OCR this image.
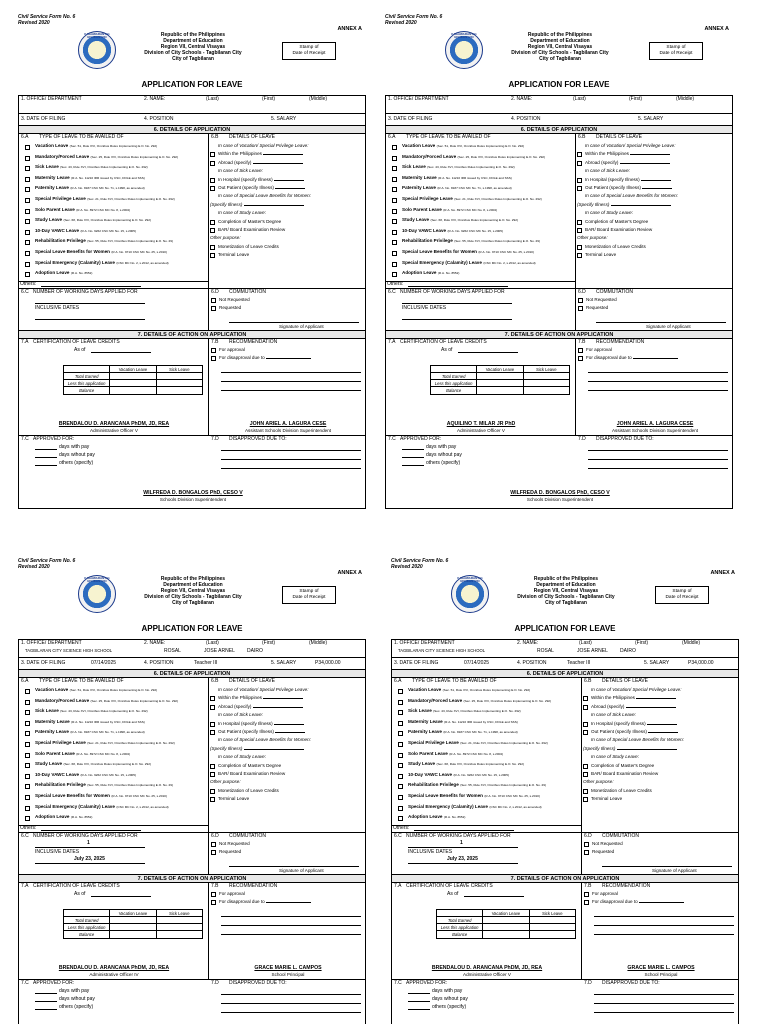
Civil Service Form No. 6
Revised 2020
ANNEX A
KAGAWARAN NG EDUKASYON	Republic of the Philippines
Department of Education
Region VII, Central Visayas
Division of City Schools - Tagbilaran City
City of Tagbilaran
Stamp of
Date of Receipt
APPLICATION FOR LEAVE
1. OFFICE/ DEPARTMENT	2. NAME:	(Last)	(First)	(Middle)
3. DATE OF FILING	4. POSITION	5. SALARY
6. DETAILS OF APPLICATION
6.A TYPE OF LEAVE TO BE AVAILED OF
Vacation Leave (Sec. 51, Rule XVI, Omnibus Rules Implementing E.O. No. 292)
Mandatory/Forced Leave (Sec. 25, Rule XVI, Omnibus Rules Implementing E.O. No. 292)
Sick Leave (Sec. 43, Rule XVI, Omnibus Rules Implementing E.O. No. 292)
Maternity Leave (R.A. No. 11210 IRR issued by CSC, DOLE and SSS)
Paternity Leave (R.A. No. 8187 CSC MC No. 71, s.1998, as amended)
Special Privilege Leave (Sec. 21, Rule XVI, Omnibus Rules Implementing E.O. No. 292)
Solo Parent Leave (R.A. No. 8972 CSC MC No. 8, s.2004)
Study Leave (Sec. 68, Rule XVI, Omnibus Rules Implementing E.O. No. 292)
10-Day VAWC Leave (R.A. No. 9262 CSC MC No. 15, s.2005)
Rehabilitation Privilege (Sec. 55, Rule XVI, Omnibus Rules Implementing E.O. No. 29)
Special Leave Benefits for Women (R.A. No. 9710 CSC MC No. 25, s.2010)
Special Emergency (Calamity) Leave (CSC MC No. 2, s.2012, as amended)
Adoption Leave (R.A. No. 8552)
Others:
6.B DETAILS OF LEAVE
In case of Vacation/ Special Privilege Leave:
Within the Philippines
Abroad (specify)
In case of Sick Leave:
In Hospital (specify Illness)
Out Patient (specify Illness)
In case of Special Leave Benefits for Women:
(Specify Illness)
In case of Study Leave:
Completion of Master's Degree
BAR/ Board Examination Review
Other purpose:
Monetization of Leave Credits
Terminal Leave
6.C NUMBER OF WORKING DAYS APPLIED FOR
INCLUSIVE DATES
6.D COMMUTATION
Not Requested
Requested
Signature of Applicant
7. DETAILS OF ACTION ON APPLICATION
7.A CERTIFICATION OF LEAVE CREDITS
As of
Vacation Leave	Sick Leave
Total Earned
Less this application
Balance
BRENDALOU D. ARANCANA PhDM, JD, REA
Administrative Officer V
7.B RECOMMENDATION
For approval
For disapproval due to
JOHN ARIEL A. LAGURA CESE
Assistant Schools Division Superintendent
7.C APPROVED FOR:
days with pay
days wihout pay
others (specify)
7.D DISAPPROVED DUE TO:
WILFREDA D. BONGALOS PhD, CESO V
Schools Division Superintendent
Civil Service Form No. 6
Revised 2020
ANNEX A
KAGAWARAN NG EDUKASYON	Republic of the Philippines
Department of Education
Region VII, Central Visayas
Division of City Schools - Tagbilaran City
City of Tagbilaran
Stamp of
Date of Receipt
APPLICATION FOR LEAVE
1. OFFICE/ DEPARTMENT	2. NAME:	(Last)	(First)	(Middle)
3. DATE OF FILING	4. POSITION	5. SALARY
6. DETAILS OF APPLICATION
6.A TYPE OF LEAVE TO BE AVAILED OF
Vacation Leave (Sec. 51, Rule XVI, Omnibus Rules Implementing E.O. No. 292)
Mandatory/Forced Leave (Sec. 25, Rule XVI, Omnibus Rules Implementing E.O. No. 292)
Sick Leave (Sec. 43, Rule XVI, Omnibus Rules Implementing E.O. No. 292)
Maternity Leave (R.A. No. 11210 IRR issued by CSC, DOLE and SSS)
Paternity Leave (R.A. No. 8187 CSC MC No. 71, s.1998, as amended)
Special Privilege Leave (Sec. 21, Rule XVI, Omnibus Rules Implementing E.O. No. 292)
Solo Parent Leave (R.A. No. 8972 CSC MC No. 8, s.2004)
Study Leave (Sec. 68, Rule XVI, Omnibus Rules Implementing E.O. No. 292)
10-Day VAWC Leave (R.A. No. 9262 CSC MC No. 15, s.2005)
Rehabilitation Privilege (Sec. 55, Rule XVI, Omnibus Rules Implementing E.O. No. 29)
Special Leave Benefits for Women (R.A. No. 9710 CSC MC No. 25, s.2010)
Special Emergency (Calamity) Leave (CSC MC No. 2, s.2012, as amended)
Adoption Leave (R.A. No. 8552)
Others:
6.B DETAILS OF LEAVE
In case of Vacation/ Special Privilege Leave:
Within the Philippines
Abroad (specify)
In case of Sick Leave:
In Hospital (specify Illness)
Out Patient (specify Illness)
In case of Special Leave Benefits for Women:
(Specify Illness)
In case of Study Leave:
Completion of Master's Degree
BAR/ Board Examination Review
Other purpose:
Monetization of Leave Credits
Terminal Leave
6.C NUMBER OF WORKING DAYS APPLIED FOR
INCLUSIVE DATES
6.D COMMUTATION
Not Requested
Requested
Signature of Applicant
7. DETAILS OF ACTION ON APPLICATION
7.A CERTIFICATION OF LEAVE CREDITS
As of
Vacation Leave	Sick Leave
Total Earned
Less this application
Balance
AQUILINO T. MILAR JR PhD
Administrative Officer V
7.B RECOMMENDATION
For approval
For disapproval due to
JOHN ARIEL A. LAGURA CESE
Assistant Schools Division Superintendent
7.C APPROVED FOR:
days with pay
days wihout pay
others (specify)
7.D DISAPPROVED DUE TO:
WILFREDA D. BONGALOS PhD, CESO V
Schools Division Superintendent
Civil Service Form No. 6
Revised 2020
ANNEX A
KAGAWARAN NG EDUKASYON	Republic of the Philippines
Department of Education
Region VII, Central Visayas
Division of City Schools - Tagbilaran City
City of Tagbilaran
Stamp of
Date of Receipt
APPLICATION FOR LEAVE
1. OFFICE/ DEPARTMENT	2. NAME:	(Last)	(First)	(Middle)
TAGBILARAN CITY SCIENCE HIGH SCHOOL	ROSAL	JOSE ARNEL DAIRO
3. DATE OF FILING	07/14/2025	4. POSITION	Teacher III	5. SALARY	P34,000.00
6. DETAILS OF APPLICATION
6.A TYPE OF LEAVE TO BE AVAILED OF
Vacation Leave (Sec. 51, Rule XVI, Omnibus Rules Implementing E.O. No. 292)
Mandatory/Forced Leave (Sec. 25, Rule XVI, Omnibus Rules Implementing E.O. No. 292)
Sick Leave (Sec. 43, Rule XVI, Omnibus Rules Implementing E.O. No. 292)
Maternity Leave (R.A. No. 11210 IRR issued by CSC, DOLE and SSS)
Paternity Leave (R.A. No. 8187 CSC MC No. 71, s.1998, as amended)
Special Privilege Leave (Sec. 21, Rule XVI, Omnibus Rules Implementing E.O. No. 292)
Solo Parent Leave (R.A. No. 8972 CSC MC No. 8, s.2004)
Study Leave (Sec. 68, Rule XVI, Omnibus Rules Implementing E.O. No. 292)
10-Day VAWC Leave (R.A. No. 9262 CSC MC No. 15, s.2005)
Rehabilitation Privilege (Sec. 55, Rule XVI, Omnibus Rules Implementing E.O. No. 29)
Special Leave Benefits for Women (R.A. No. 9710 CSC MC No. 25, s.2010)
Special Emergency (Calamity) Leave (CSC MC No. 2, s.2012, as amended)
Adoption Leave (R.A. No. 8552)
Others:
6.B DETAILS OF LEAVE
In case of Vacation/ Special Privilege Leave:
Within the Philippines
Abroad (specify)
In case of Sick Leave:
In Hospital (specify Illness)
Out Patient (specify Illness)
In case of Special Leave Benefits for Women:
(Specify Illness)
In case of Study Leave:
Completion of Master's Degree
BAR/ Board Examination Review
Other purpose:
Monetization of Leave Credits
Terminal Leave
6.C NUMBER OF WORKING DAYS APPLIED FOR
1
INCLUSIVE DATES
July 23, 2025
6.D COMMUTATION
Not Requested
Requested
Signature of Applicant
7. DETAILS OF ACTION ON APPLICATION
7.A CERTIFICATION OF LEAVE CREDITS
As of
Vacation Leave	Sick Leave
Total Earned
Less this application
Balance
BRENDALOU D. ARANCANA PhDM, JD, REA
Administrative Officer IV
7.B RECOMMENDATION
For approval
For disapproval due to
GRACE MARIE L. CAMPOS
School Principal
7.C APPROVED FOR:
days with pay
days wihout pay
others (specify)
7.D DISAPPROVED DUE TO:
Civil Service Form No. 6
Revised 2020
ANNEX A
KAGAWARAN NG EDUKASYON	Republic of the Philippines
Department of Education
Region VII, Central Visayas
Division of City Schools - Tagbilaran City
City of Tagbilaran
Stamp of
Date of Receipt
APPLICATION FOR LEAVE
1. OFFICE/ DEPARTMENT	2. NAME:	(Last)	(First)	(Middle)
TAGBILARAN CITY SCIENCE HIGH SCHOOL	ROSAL	JOSE ARNEL DAIRO
3. DATE OF FILING	07/14/2025	4. POSITION	Teacher III	5. SALARY	P34,000.00
6. DETAILS OF APPLICATION
6.A TYPE OF LEAVE TO BE AVAILED OF
Vacation Leave (Sec. 51, Rule XVI, Omnibus Rules Implementing E.O. No. 292)
Mandatory/Forced Leave (Sec. 25, Rule XVI, Omnibus Rules Implementing E.O. No. 292)
Sick Leave (Sec. 43, Rule XVI, Omnibus Rules Implementing E.O. No. 292)
Maternity Leave (R.A. No. 11210 IRR issued by CSC, DOLE and SSS)
Paternity Leave (R.A. No. 8187 CSC MC No. 71, s.1998, as amended)
Special Privilege Leave (Sec. 21, Rule XVI, Omnibus Rules Implementing E.O. No. 292)
Solo Parent Leave (R.A. No. 8972 CSC MC No. 8, s.2004)
Study Leave (Sec. 68, Rule XVI, Omnibus Rules Implementing E.O. No. 292)
10-Day VAWC Leave (R.A. No. 9262 CSC MC No. 15, s.2005)
Rehabilitation Privilege (Sec. 55, Rule XVI, Omnibus Rules Implementing E.O. No. 29)
Special Leave Benefits for Women (R.A. No. 9710 CSC MC No. 25, s.2010)
Special Emergency (Calamity) Leave (CSC MC No. 2, s.2012, as amended)
Adoption Leave (R.A. No. 8552)
Others:
6.B DETAILS OF LEAVE
In case of Vacation/ Special Privilege Leave:
Within the Philippines
Abroad (specify)
In case of Sick Leave:
In Hospital (specify Illness)
Out Patient (specify Illness)
In case of Special Leave Benefits for Women:
(Specify Illness)
In case of Study Leave:
Completion of Master's Degree
BAR/ Board Examination Review
Other purpose:
Monetization of Leave Credits
Terminal Leave
6.C NUMBER OF WORKING DAYS APPLIED FOR
1
INCLUSIVE DATES
July 23, 2025
6.D COMMUTATION
Not Requested
Requested
Signature of Applicant
7. DETAILS OF ACTION ON APPLICATION
7.A CERTIFICATION OF LEAVE CREDITS
As of
Vacation Leave	Sick Leave
Total Earned
Less this application
Balance
BRENDALOU D. ARANCANA PhDM, JD, REA
Administrative Officer V
7.B RECOMMENDATION
For approval
For disapproval due to
GRACE MARIE L. CAMPOS
School Principal
7.C APPROVED FOR:
days with pay
days wihout pay
others (specify)
7.D DISAPPROVED DUE TO:
